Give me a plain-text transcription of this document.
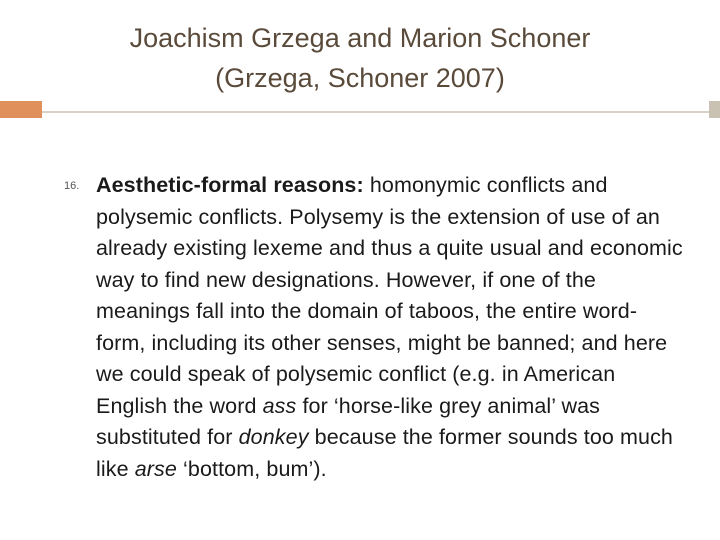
Joachism Grzega and Marion Schoner
(Grzega, Schoner 2007)
16. Aesthetic-formal reasons: homonymic conflicts and polysemic conflicts. Polysemy is the extension of use of an already existing lexeme and thus a quite usual and economic way to find new designations. However, if one of the meanings fall into the domain of taboos, the entire word-form, including its other senses, might be banned; and here we could speak of polysemic conflict (e.g. in American English the word ass for ‘horse-like grey animal’ was substituted for donkey because the former sounds too much like arse ‘bottom, bum’).
